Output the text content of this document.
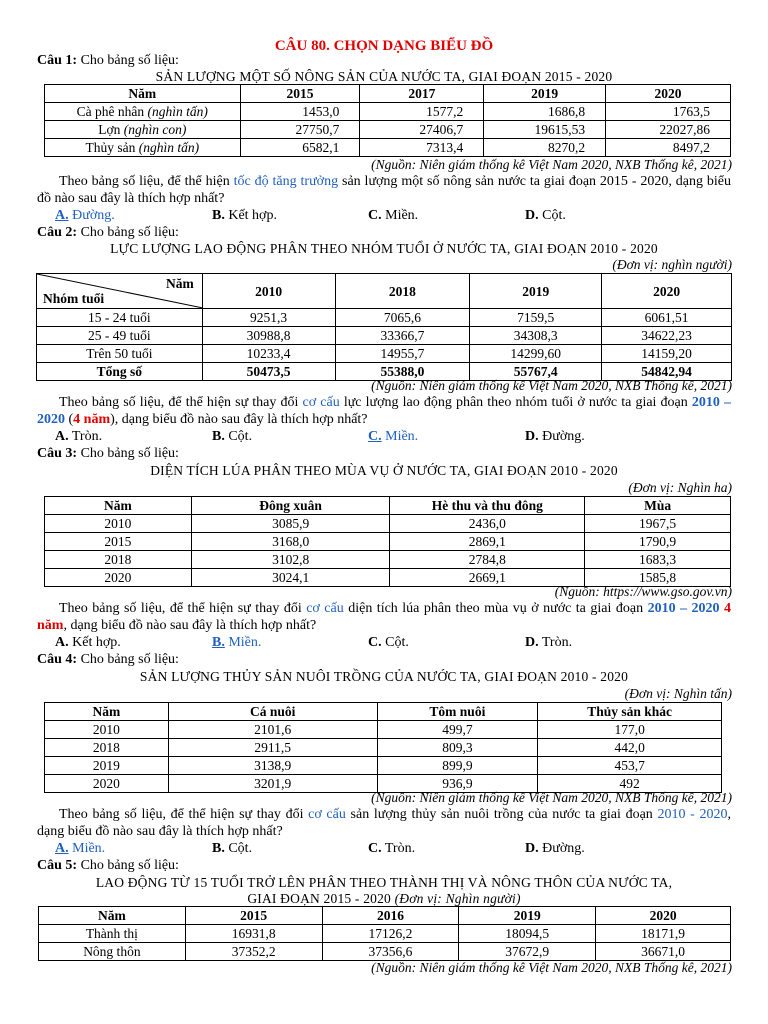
CÂU 80. CHỌN DẠNG BIỂU ĐỒ
Câu 1: Cho bảng số liệu:
SẢN LƯỢNG MỘT SỐ NÔNG SẢN CỦA NƯỚC TA, GIAI ĐOẠN 2015 - 2020
Năm	2015	2017	2019	2020
Cà phê nhân (nghìn tấn)	1453,0	1577,2	1686,8	1763,5
Lợn (nghìn con)	27750,7	27406,7	19615,53	22027,86
Thủy sản (nghìn tấn)	6582,1	7313,4	8270,2	8497,2
(Nguồn: Niên giám thống kê Việt Nam 2020, NXB Thống kê, 2021)
Theo bảng số liệu, để thể hiện tốc độ tăng trưởng sản lượng một số nông sản nước ta giai đoạn 2015 - 2020, dạng biểu đồ nào sau đây là thích hợp nhất?
A. Đường.	B. Kết hợp.	C. Miền.	D. Cột.
Câu 2: Cho bảng số liệu:
LỰC LƯỢNG LAO ĐỘNG PHÂN THEO NHÓM TUỔI Ở NƯỚC TA, GIAI ĐOẠN 2010 - 2020
(Đơn vị: nghìn người)
Năm
Nhóm tuổi	2010	2018	2019	2020
15 - 24 tuổi	9251,3	7065,6	7159,5	6061,51
25 - 49 tuổi	30988,8	33366,7	34308,3	34622,23
Trên 50 tuổi	10233,4	14955,7	14299,60	14159,20
Tổng số	50473,5	55388,0	55767,4	54842,94
(Nguồn: Niên giám thống kê Việt Nam 2020, NXB Thống kê, 2021)
Theo bảng số liệu, để thể hiện sự thay đổi cơ cấu lực lượng lao động phân theo nhóm tuổi ở nước ta giai đoạn 2010 – 2020 (4 năm), dạng biểu đồ nào sau đây là thích hợp nhất?
A. Tròn.	B. Cột.	C. Miền.	D. Đường.
Câu 3: Cho bảng số liệu:
DIỆN TÍCH LÚA PHÂN THEO MÙA VỤ Ở NƯỚC TA, GIAI ĐOẠN 2010 - 2020
(Đơn vị: Nghìn ha)
Năm	Đông xuân	Hè thu và thu đông	Mùa
2010	3085,9	2436,0	1967,5
2015	3168,0	2869,1	1790,9
2018	3102,8	2784,8	1683,3
2020	3024,1	2669,1	1585,8
(Nguồn: https://www.gso.gov.vn)
Theo bảng số liệu, để thể hiện sự thay đổi cơ cấu diện tích lúa phân theo mùa vụ ở nước ta giai đoạn 2010 – 2020 4 năm, dạng biểu đồ nào sau đây là thích hợp nhất?
A. Kết hợp.	B. Miền.	C. Cột.	D. Tròn.
Câu 4: Cho bảng số liệu:
SẢN LƯỢNG THỦY SẢN NUÔI TRỒNG CỦA NƯỚC TA, GIAI ĐOẠN 2010 - 2020
(Đơn vị: Nghìn tấn)
Năm	Cá nuôi	Tôm nuôi	Thủy sản khác
2010	2101,6	499,7	177,0
2018	2911,5	809,3	442,0
2019	3138,9	899,9	453,7
2020	3201,9	936,9	492
(Nguồn: Niên giám thống kê Việt Nam 2020, NXB Thống kê, 2021)
Theo bảng số liệu, để thể hiện sự thay đổi cơ cấu sản lượng thủy sản nuôi trồng của nước ta giai đoạn 2010 - 2020, dạng biểu đồ nào sau đây là thích hợp nhất?
A. Miền.	B. Cột.	C. Tròn.	D. Đường.
Câu 5: Cho bảng số liệu:
LAO ĐỘNG TỪ 15 TUỔI TRỞ LÊN PHÂN THEO THÀNH THỊ VÀ NÔNG THÔN CỦA NƯỚC TA,
GIAI ĐOẠN 2015 - 2020 (Đơn vị: Nghìn người)
Năm	2015	2016	2019	2020
Thành thị	16931,8	17126,2	18094,5	18171,9
Nông thôn	37352,2	37356,6	37672,9	36671,0
(Nguồn: Niên giám thống kê Việt Nam 2020, NXB Thống kê, 2021)
